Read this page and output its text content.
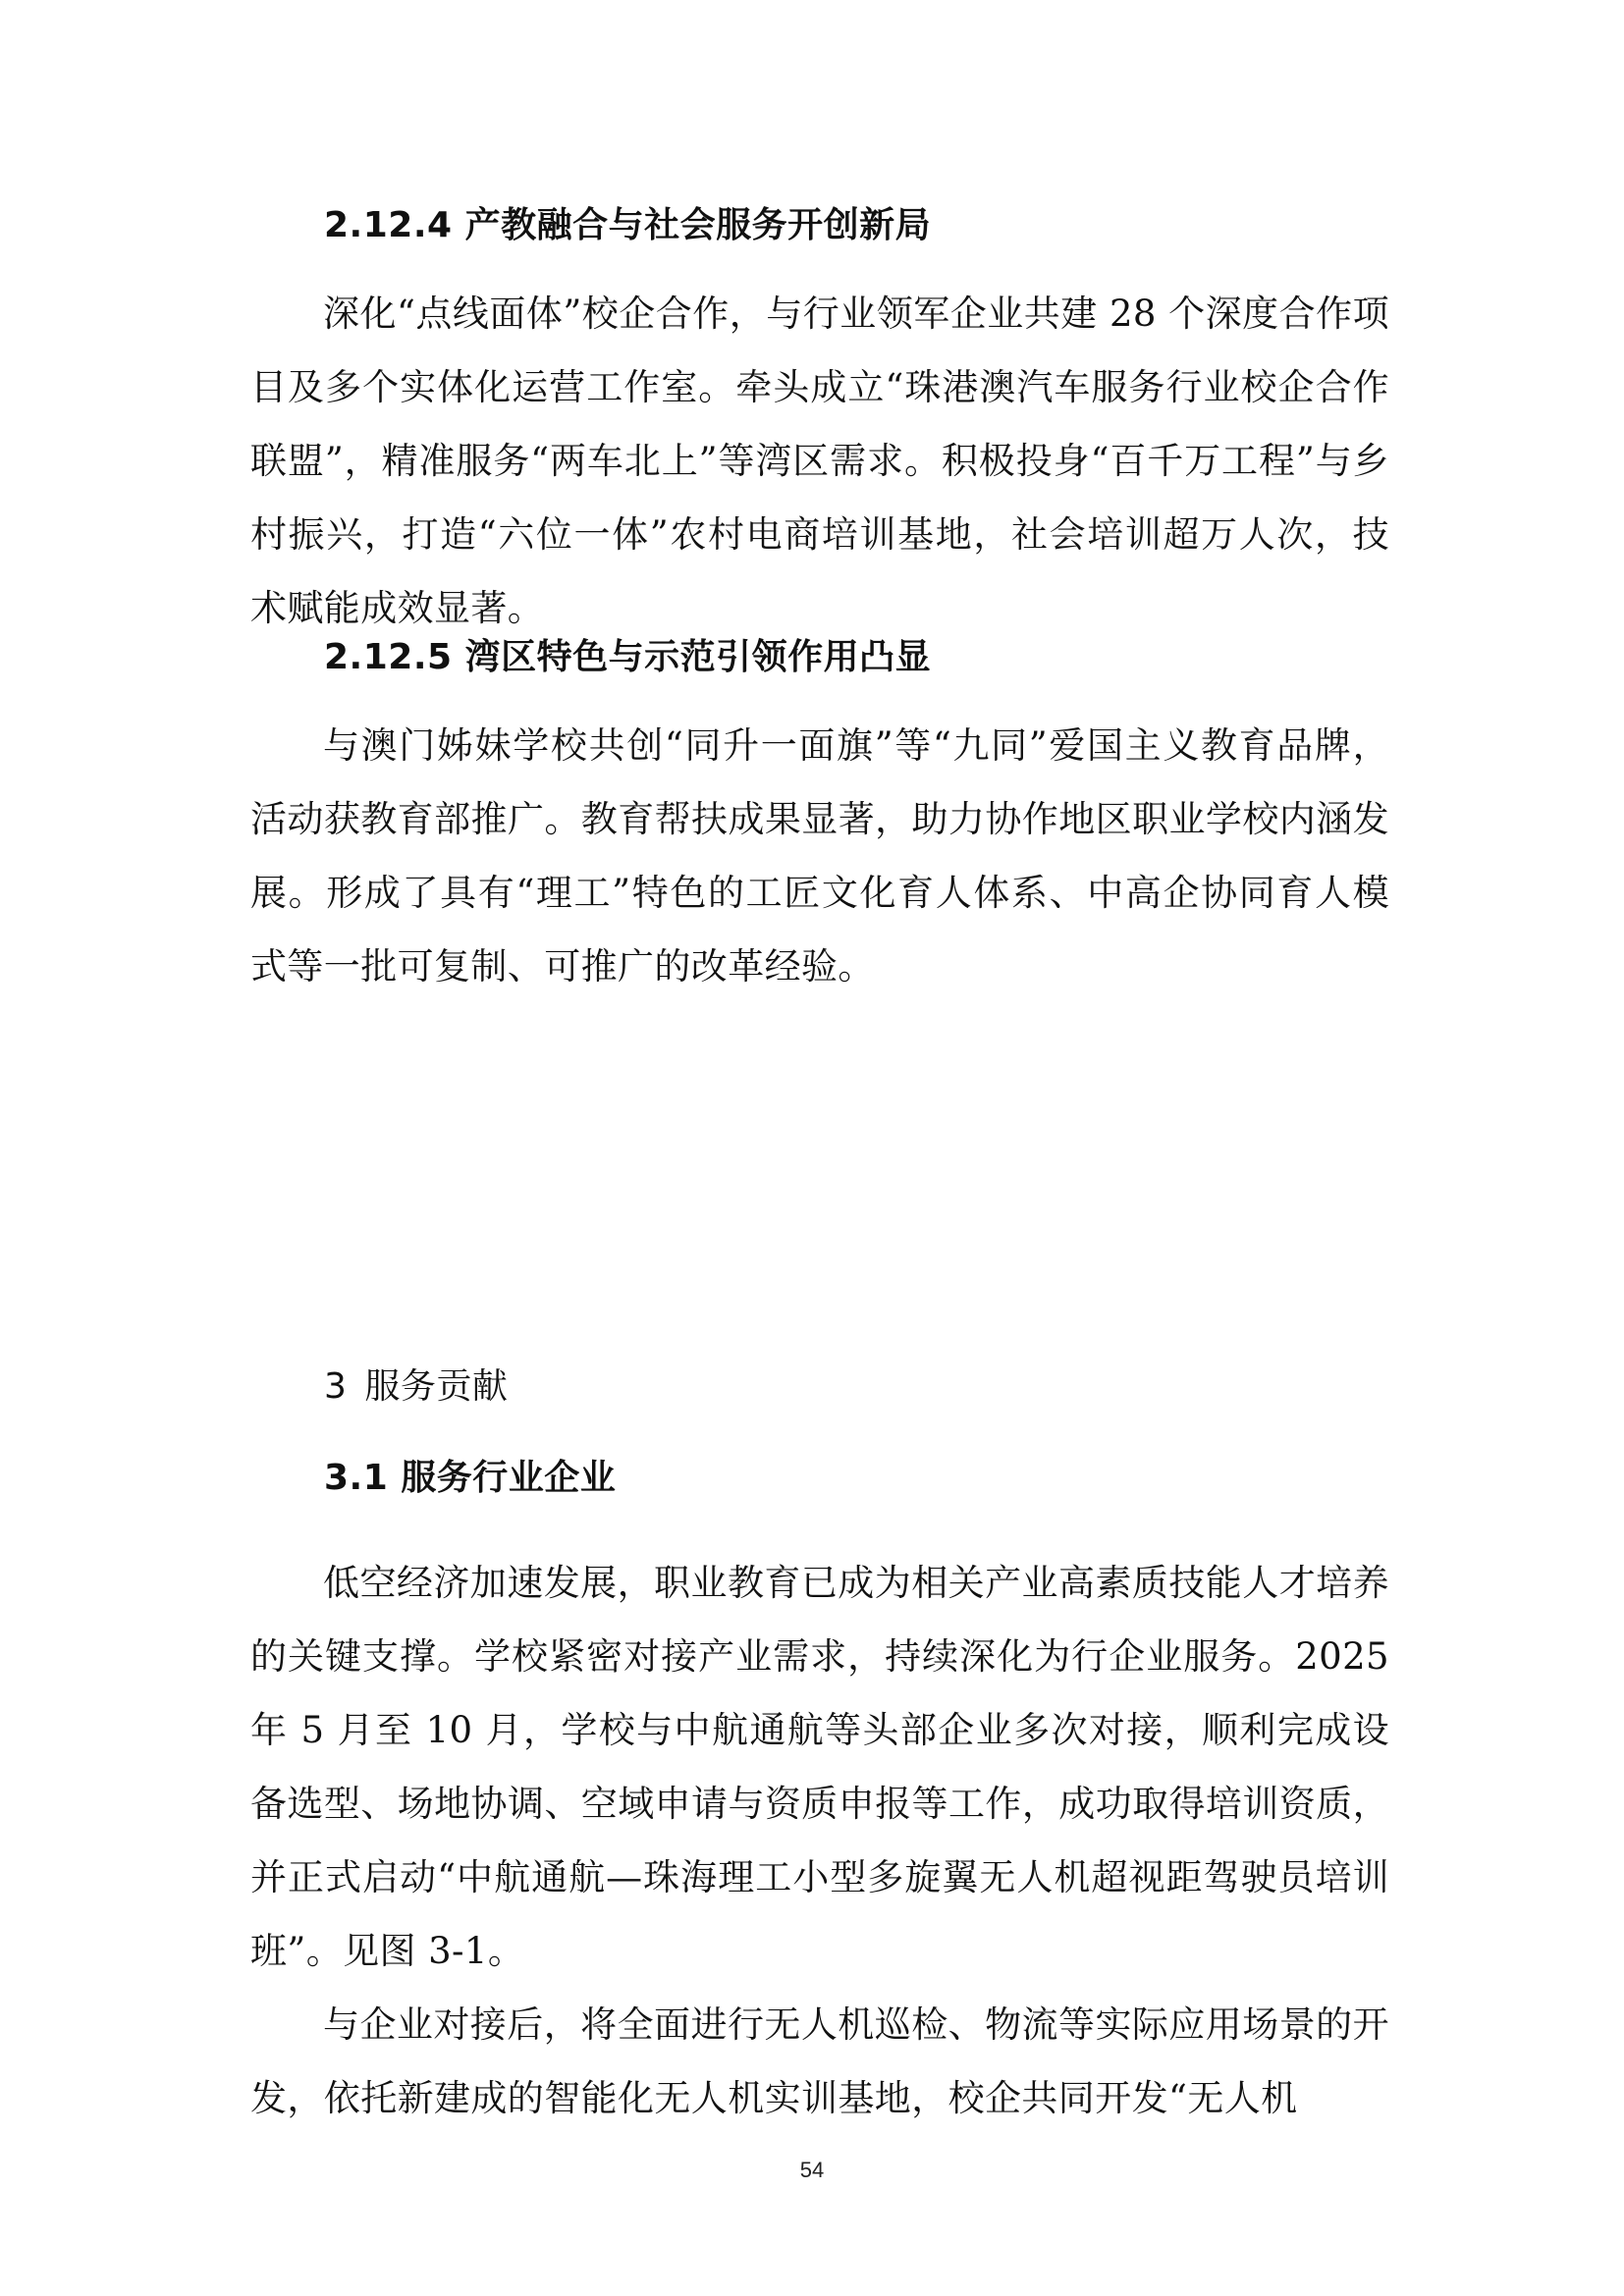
2.12.4 产教融合与社会服务开创新局

深化“点线面体”校企合作，与行业领军企业共建 28 个深度合作项目及多个实体化运营工作室。牵头成立“珠港澳汽车服务行业校企合作联盟”，精准服务“两车北上”等湾区需求。积极投身“百千万工程”与乡村振兴，打造“六位一体”农村电商培训基地，社会培训超万人次，技术赋能成效显著。

2.12.5 湾区特色与示范引领作用凸显

与澳门姊妹学校共创“同升一面旗”等“九同”爱国主义教育品牌，活动获教育部推广。教育帮扶成果显著，助力协作地区职业学校内涵发展。形成了具有“理工”特色的工匠文化育人体系、中高企协同育人模式等一批可复制、可推广的改革经验。

3 服务贡献
3.1 服务行业企业

低空经济加速发展，职业教育已成为相关产业高素质技能人才培养的关键支撑。学校紧密对接产业需求，持续深化为行企业服务。2025 年 5 月至 10 月，学校与中航通航等头部企业多次对接，顺利完成设备选型、场地协调、空域申请与资质申报等工作，成功取得培训资质，并正式启动“中航通航—珠海理工小型多旋翼无人机超视距驾驶员培训班”。见图 3-1。

与企业对接后，将全面进行无人机巡检、物流等实际应用场景的开发，依托新建成的智能化无人机实训基地，校企共同开发“无人机

54
